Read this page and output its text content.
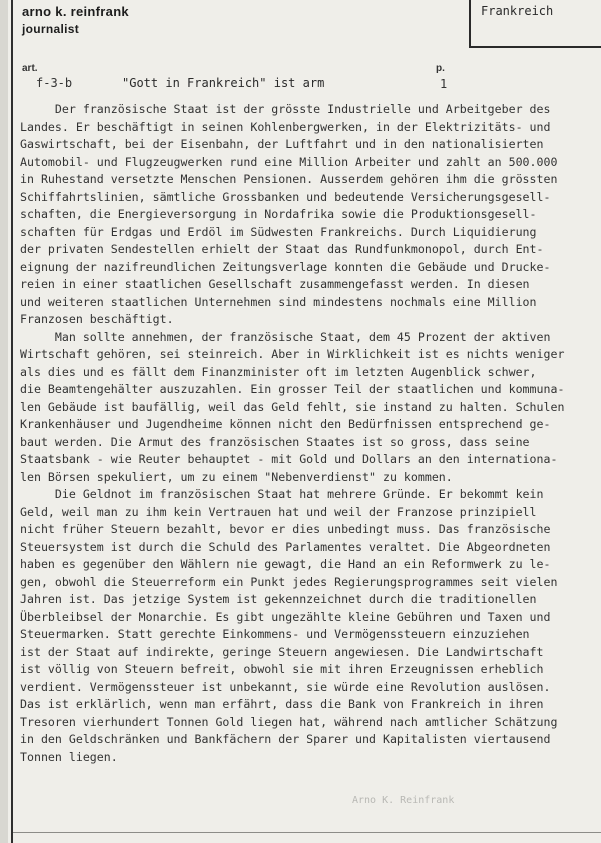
arno k. reinfrank
journalist
Frankreich
art.
f-3-b	"Gott in Frankreich" ist arm
p.
1
Der französische Staat ist der grösste Industrielle und Arbeitgeber des
Landes. Er beschäftigt in seinen Kohlenbergwerken, in der Elektrizitäts- und
Gaswirtschaft, bei der Eisenbahn, der Luftfahrt und in den nationalisierten
Automobil- und Flugzeugwerken rund eine Million Arbeiter und zahlt an 500.000
in Ruhestand versetzte Menschen Pensionen. Ausserdem gehören ihm die grössten
Schiffahrtslinien, sämtliche Grossbanken und bedeutende Versicherungsgesell-
schaften, die Energieversorgung in Nordafrika sowie die Produktionsgesell-
schaften für Erdgas und Erdöl im Südwesten Frankreichs. Durch Liquidierung
der privaten Sendestellen erhielt der Staat das Rundfunkmonopol, durch Ent-
eignung der nazifreundlichen Zeitungsverlage konnten die Gebäude und Drucke-
reien in einer staatlichen Gesellschaft zusammengefasst werden. In diesen
und weiteren staatlichen Unternehmen sind mindestens nochmals eine Million
Franzosen beschäftigt.
Man sollte annehmen, der französische Staat, dem 45 Prozent der aktiven
Wirtschaft gehören, sei steinreich. Aber in Wirklichkeit ist es nichts weniger
als dies und es fällt dem Finanzminister oft im letzten Augenblick schwer,
die Beamtengehälter auszuzahlen. Ein grosser Teil der staatlichen und kommuna-
len Gebäude ist baufällig, weil das Geld fehlt, sie instand zu halten. Schulen
Krankenhäuser und Jugendheime können nicht den Bedürfnissen entsprechend ge-
baut werden. Die Armut des französischen Staates ist so gross, dass seine
Staatsbank - wie Reuter behauptet - mit Gold und Dollars an den internationa-
len Börsen spekuliert, um zu einem "Nebenverdienst" zu kommen.
Die Geldnot im französischen Staat hat mehrere Gründe. Er bekommt kein
Geld, weil man zu ihm kein Vertrauen hat und weil der Franzose prinzipiell
nicht früher Steuern bezahlt, bevor er dies unbedingt muss. Das französische
Steuersystem ist durch die Schuld des Parlamentes veraltet. Die Abgeordneten
haben es gegenüber den Wählern nie gewagt, die Hand an ein Reformwerk zu le-
gen, obwohl die Steuerreform ein Punkt jedes Regierungsprogrammes seit vielen
Jahren ist. Das jetzige System ist gekennzeichnet durch die traditionellen
Überbleibsel der Monarchie. Es gibt ungezählte kleine Gebühren und Taxen und
Steuermarken. Statt gerechte Einkommens- und Vermögenssteuern einzuziehen
ist der Staat auf indirekte, geringe Steuern angewiesen. Die Landwirtschaft
ist völlig von Steuern befreit, obwohl sie mit ihren Erzeugnissen erheblich
verdient. Vermögenssteuer ist unbekannt, sie würde eine Revolution auslösen.
Das ist erklärlich, wenn man erfährt, dass die Bank von Frankreich in ihren
Tresoren vierhundert Tonnen Gold liegen hat, während nach amtlicher Schätzung
in den Geldschränken und Bankfächern der Sparer und Kapitalisten viertausend
Tonnen liegen.
Arno K. Reinfrank
